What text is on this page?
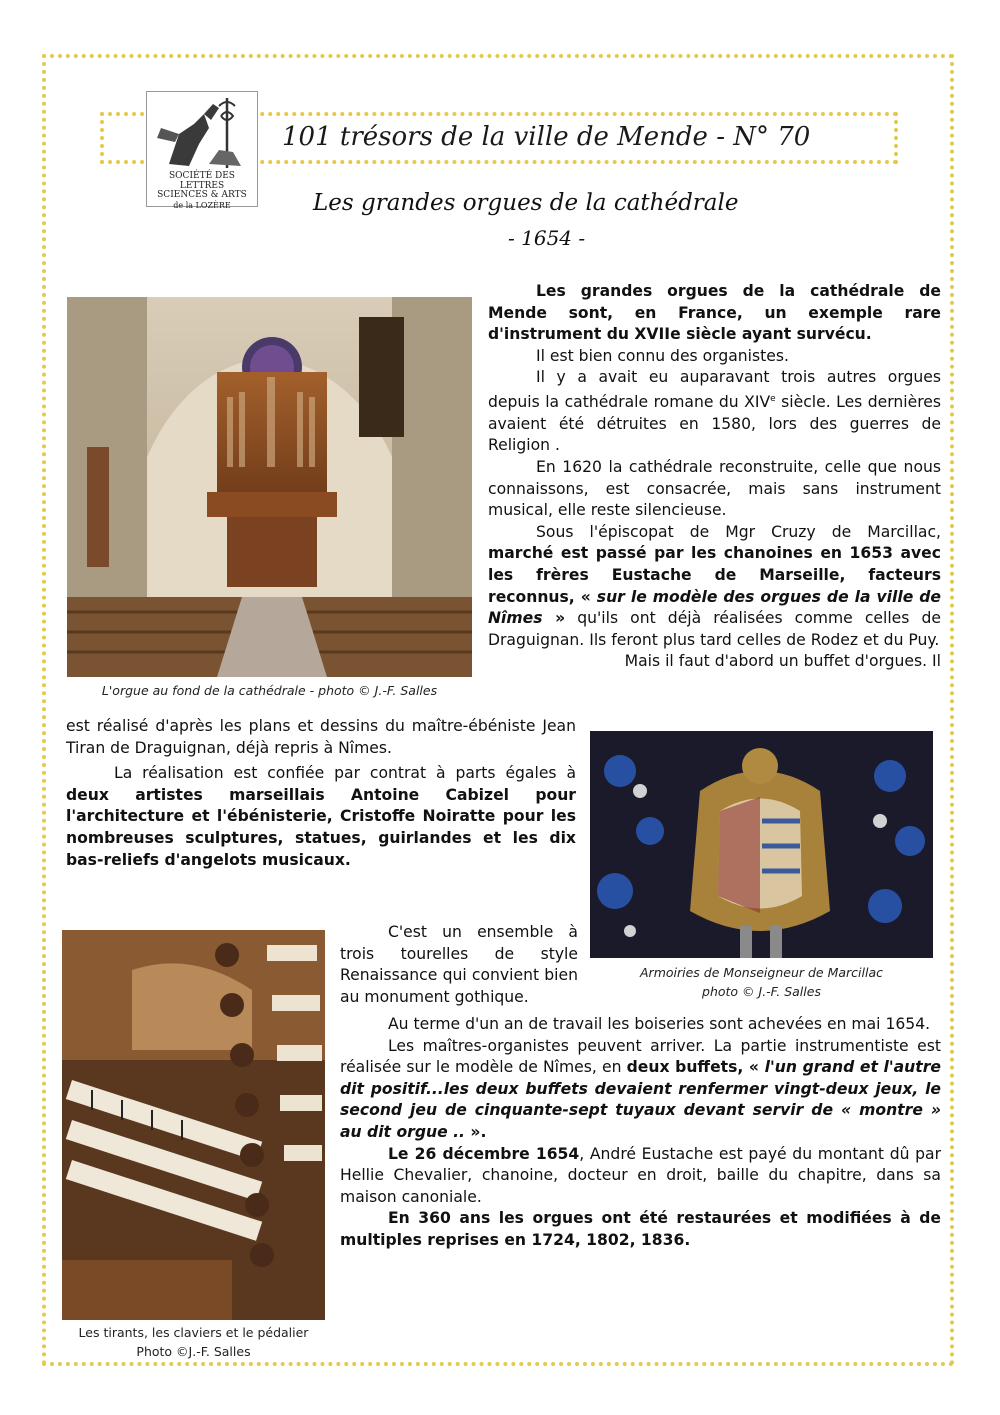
SOCIÉTÉ DES LETTRES
SCIENCES & ARTS
de la LOZÈRE
101 trésors de la ville de Mende - N° 70
Les grandes orgues de la cathédrale
- 1654 -
L'orgue au fond de la cathédrale - photo © J.-F. Salles

Les grandes orgues de la cathédrale de Mende sont, en France, un exemple rare d'instrument du XVIIe siècle ayant survécu.

Il est bien connu des organistes.

Il y a avait eu auparavant trois autres orgues depuis la cathédrale romane du XIVe siècle. Les dernières avaient été détruites en 1580, lors des guerres de Religion .

En 1620 la cathédrale reconstruite, celle que nous connaissons, est consacrée, mais sans instrument musical, elle reste silencieuse.

Sous l'épiscopat de Mgr Cruzy de Marcillac, marché est passé par les chanoines en 1653 avec les frères Eustache de Marseille, facteurs reconnus, « sur le modèle des orgues de la ville de Nîmes » qu'ils ont déjà réalisées comme celles de Draguignan. Ils feront plus tard celles de Rodez et du Puy.

Mais il faut d'abord un buffet d'orgues. Il

est réalisé d'après les plans et dessins du maître-ébéniste Jean Tiran de Draguignan, déjà repris à Nîmes.

La réalisation est confiée par contrat à parts égales à deux artistes marseillais Antoine Cabizel pour l'architecture et l'ébénisterie, Cristoffe Noiratte pour les nombreuses sculptures, statues, guirlandes et les dix bas-reliefs d'angelots musicaux.

Armoiries de Monseigneur de Marcillac
photo © J.-F. Salles
Les tirants, les claviers et le pédalier
Photo ©J.-F. Salles

C'est un ensemble à trois tourelles de style Renaissance qui convient bien au monument gothique.

Au terme d'un an de travail les boiseries sont achevées en mai 1654.

Les maîtres-organistes peuvent arriver. La partie instrumentiste est réalisée sur le modèle de Nîmes, en deux buffets, « l'un grand et l'autre dit positif...les deux buffets devaient renfermer vingt-deux jeux, le second jeu de cinquante-sept tuyaux devant servir de « montre » au dit orgue .. ».

Le 26 décembre 1654, André Eustache est payé du montant dû par Hellie Chevalier, chanoine, docteur en droit, baille du chapitre, dans sa maison canoniale.

En 360 ans les orgues ont été restaurées et modifiées à de multiples reprises en 1724, 1802, 1836.
